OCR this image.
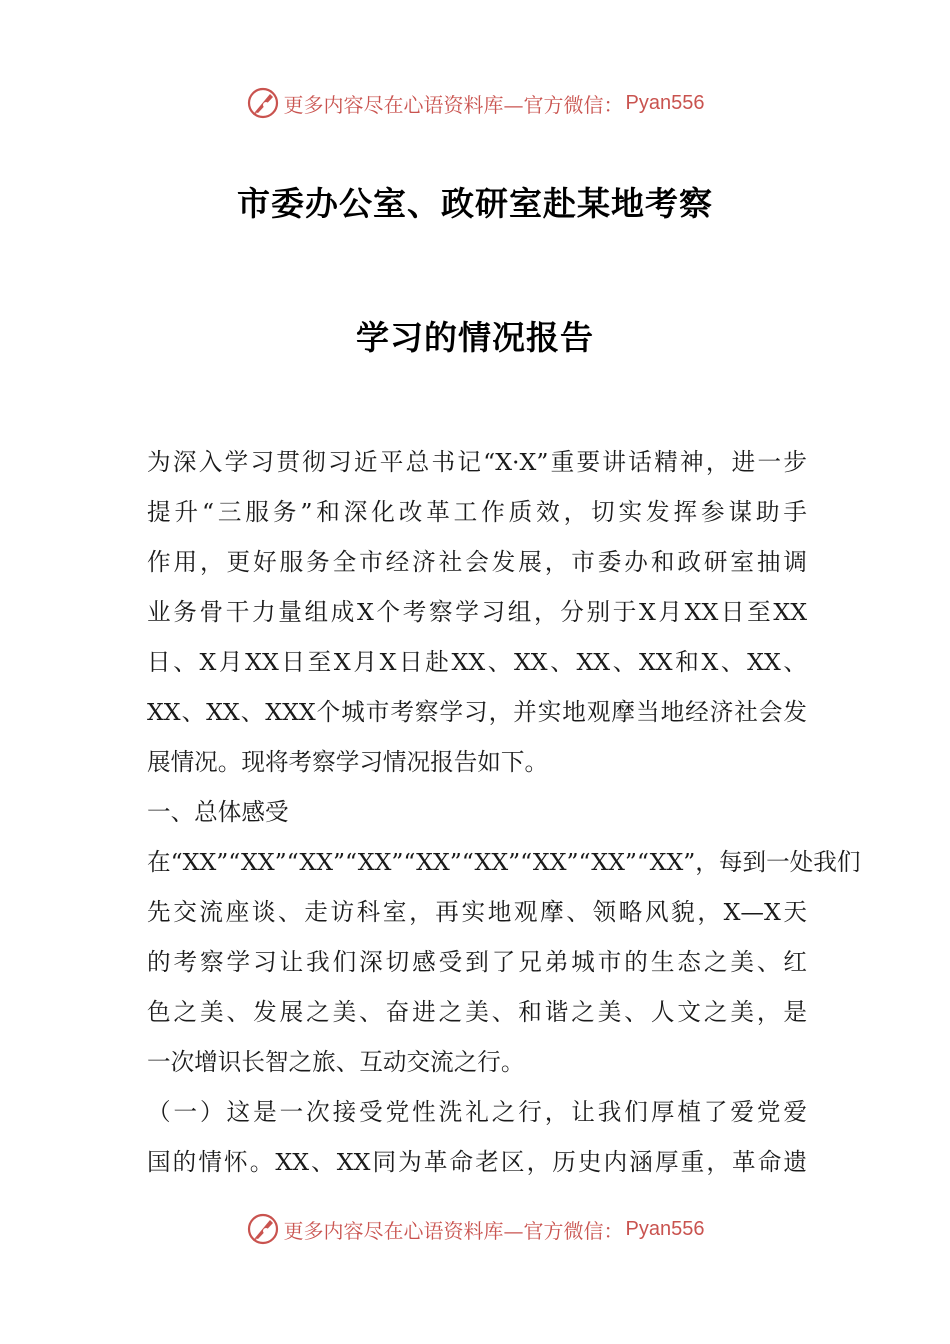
更多内容尽在心语资料库—官方微信： Pyan556
市委办公室、政研室赴某地考察
学习的情况报告
为深入学习贯彻习近平总书记“X·X”重要讲话精神，进一步
提升“三服务”和深化改革工作质效，切实发挥参谋助手
作用，更好服务全市经济社会发展，市委办和政研室抽调
业务骨干力量组成X个考察学习组，分别于X月XX日至XX
日、X月XX日至X月X日赴XX、XX、XX、XX和X、XX、
XX、XX、XXX个城市考察学习，并实地观摩当地经济社会发
展情况。现将考察学习情况报告如下。
一、总体感受
在“XX”“XX”“XX”“XX”“XX”“XX”“XX”“XX”“XX”，每到一处我们
先交流座谈、走访科室，再实地观摩、领略风貌，X—X天
的考察学习让我们深切感受到了兄弟城市的生态之美、红
色之美、发展之美、奋进之美、和谐之美、人文之美，是
一次增识长智之旅、互动交流之行。
（一）这是一次接受党性洗礼之行，让我们厚植了爱党爱
国的情怀。XX、XX同为革命老区，历史内涵厚重，革命遗
更多内容尽在心语资料库—官方微信： Pyan556
